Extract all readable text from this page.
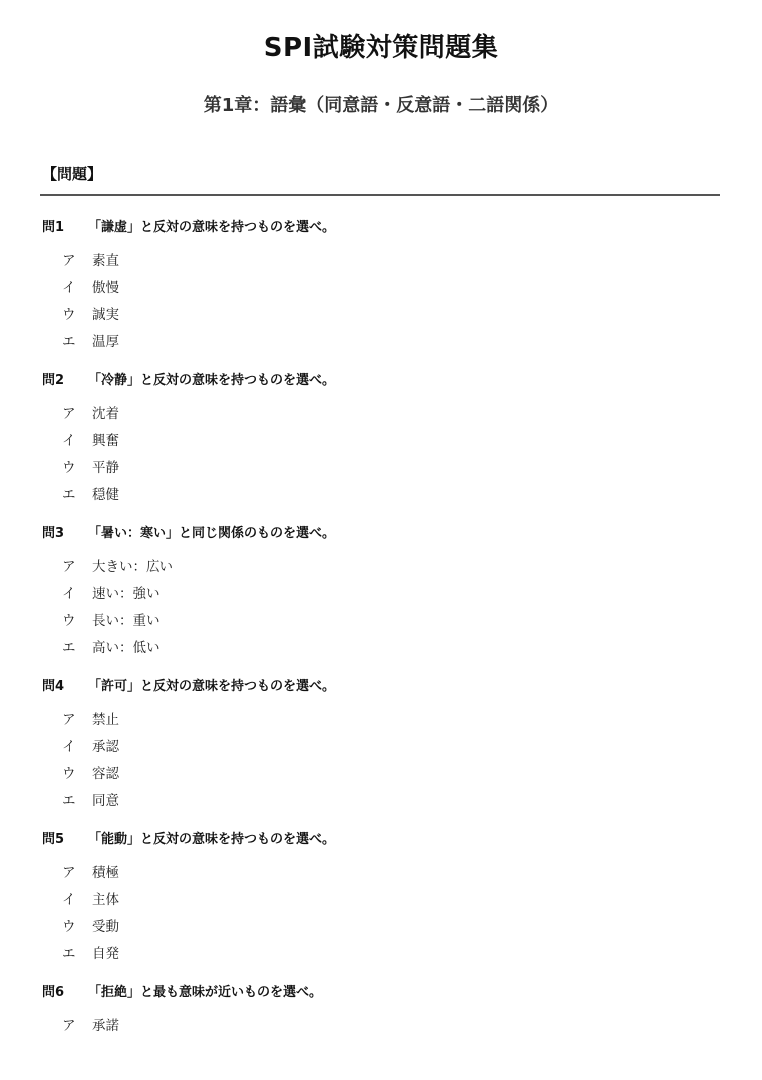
SPI試験対策問題集
第1章：語彙（同意語・反意語・二語関係）
【問題】
問1	「謙虚」と反対の意味を持つものを選べ。
ア	素直
イ	傲慢
ウ	誠実
エ	温厚
問2	「冷静」と反対の意味を持つものを選べ。
ア	沈着
イ	興奮
ウ	平静
エ	穏健
問3	「暑い：寒い」と同じ関係のものを選べ。
ア	大きい：広い
イ	速い：強い
ウ	長い：重い
エ	高い：低い
問4	「許可」と反対の意味を持つものを選べ。
ア	禁止
イ	承認
ウ	容認
エ	同意
問5	「能動」と反対の意味を持つものを選べ。
ア	積極
イ	主体
ウ	受動
エ	自発
問6	「拒絶」と最も意味が近いものを選べ。
ア	承諾
